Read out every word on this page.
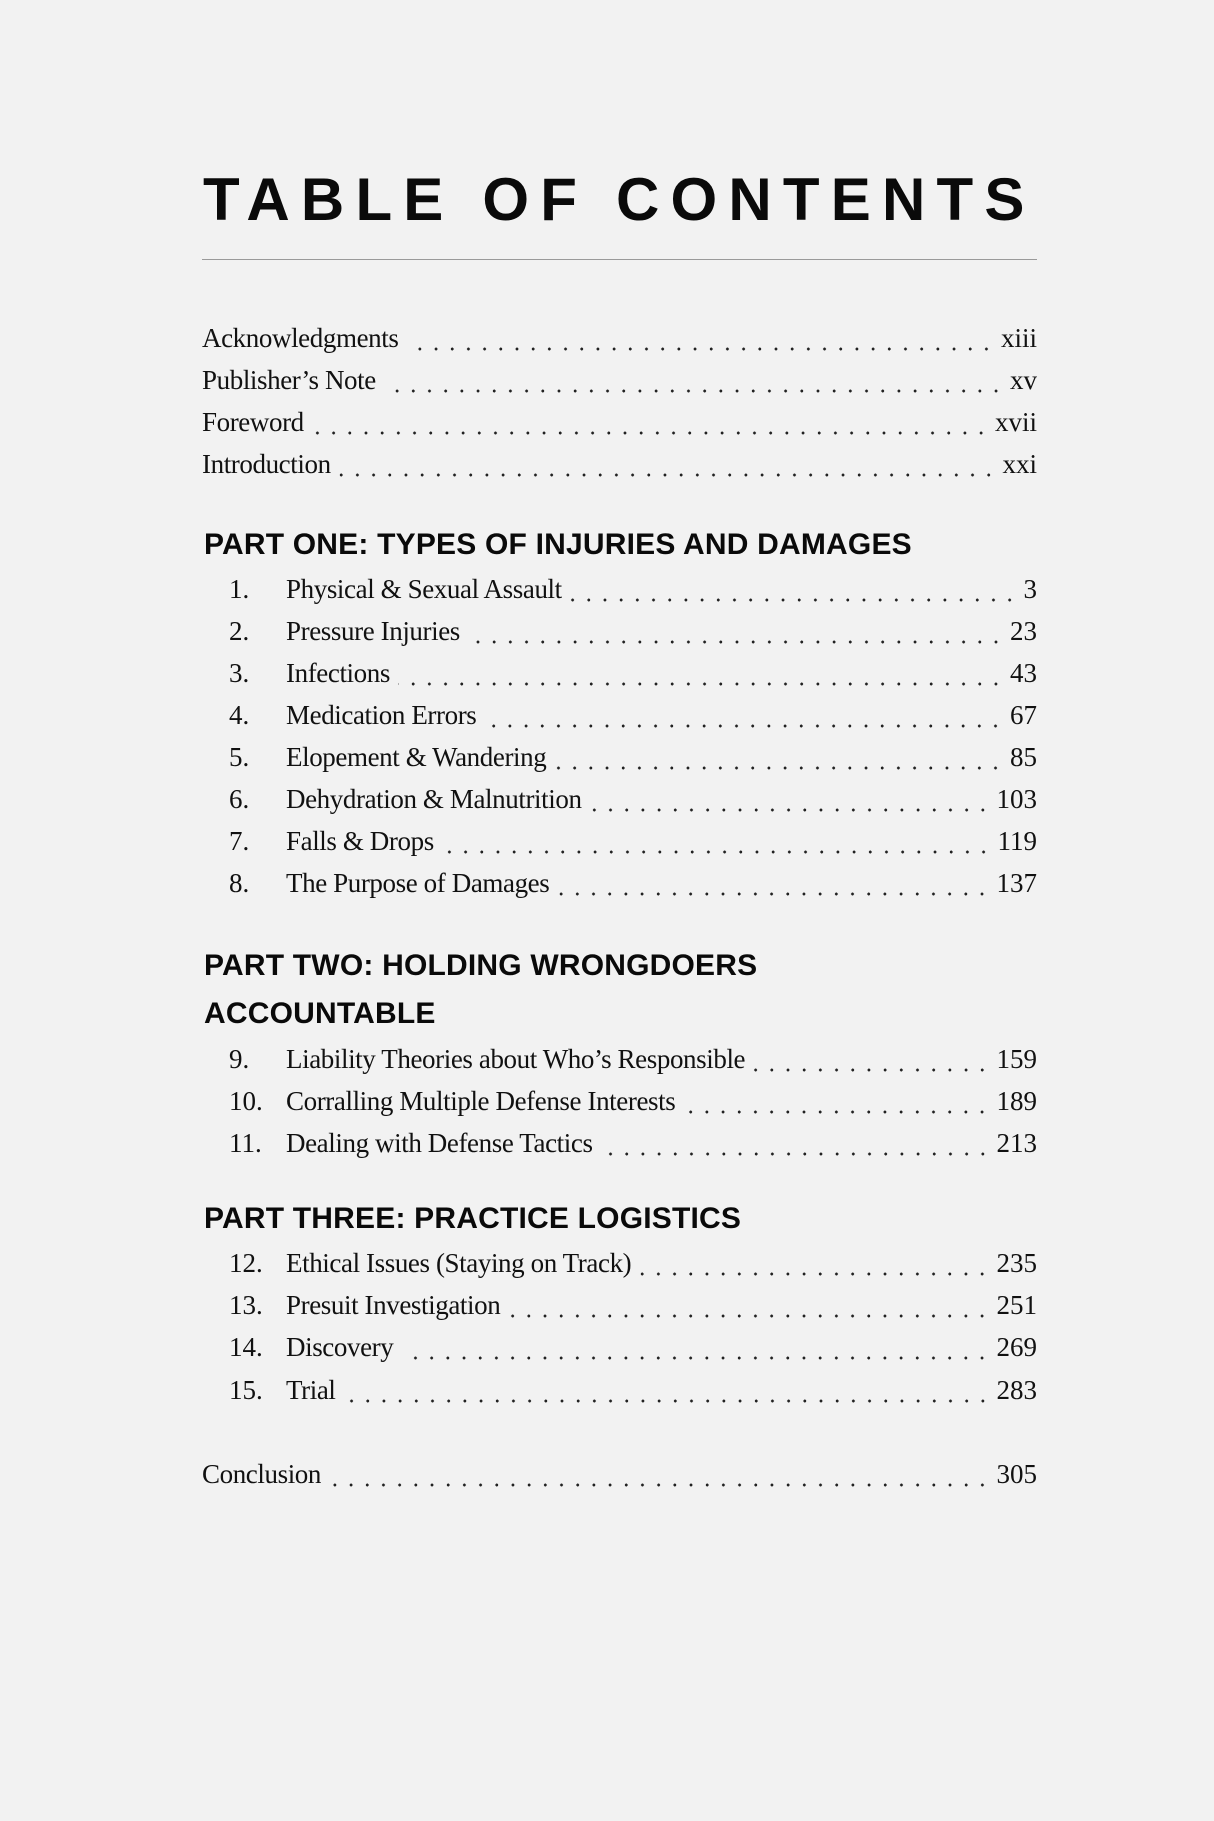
TABLE OF CONTENTS
Acknowledgments	xiii
Publisher’s Note	xv
Foreword	xvii
Introduction	xxi
PART ONE: TYPES OF INJURIES AND DAMAGES
1.	Physical & Sexual Assault	3
2.	Pressure Injuries	23
3.	Infections	43
4.	Medication Errors	67
5.	Elopement & Wandering	85
6.	Dehydration & Malnutrition	103
7.	Falls & Drops	119
8.	The Purpose of Damages	137
PART TWO: HOLDING WRONGDOERS
ACCOUNTABLE
9.	Liability Theories about Who’s Responsible	159
10. Corralling Multiple Defense Interests	189
11. Dealing with Defense Tactics	213
PART THREE: PRACTICE LOGISTICS
12. Ethical Issues (Staying on Track)	235
13. Presuit Investigation	251
14. Discovery	269
15. Trial	283
Conclusion	305
